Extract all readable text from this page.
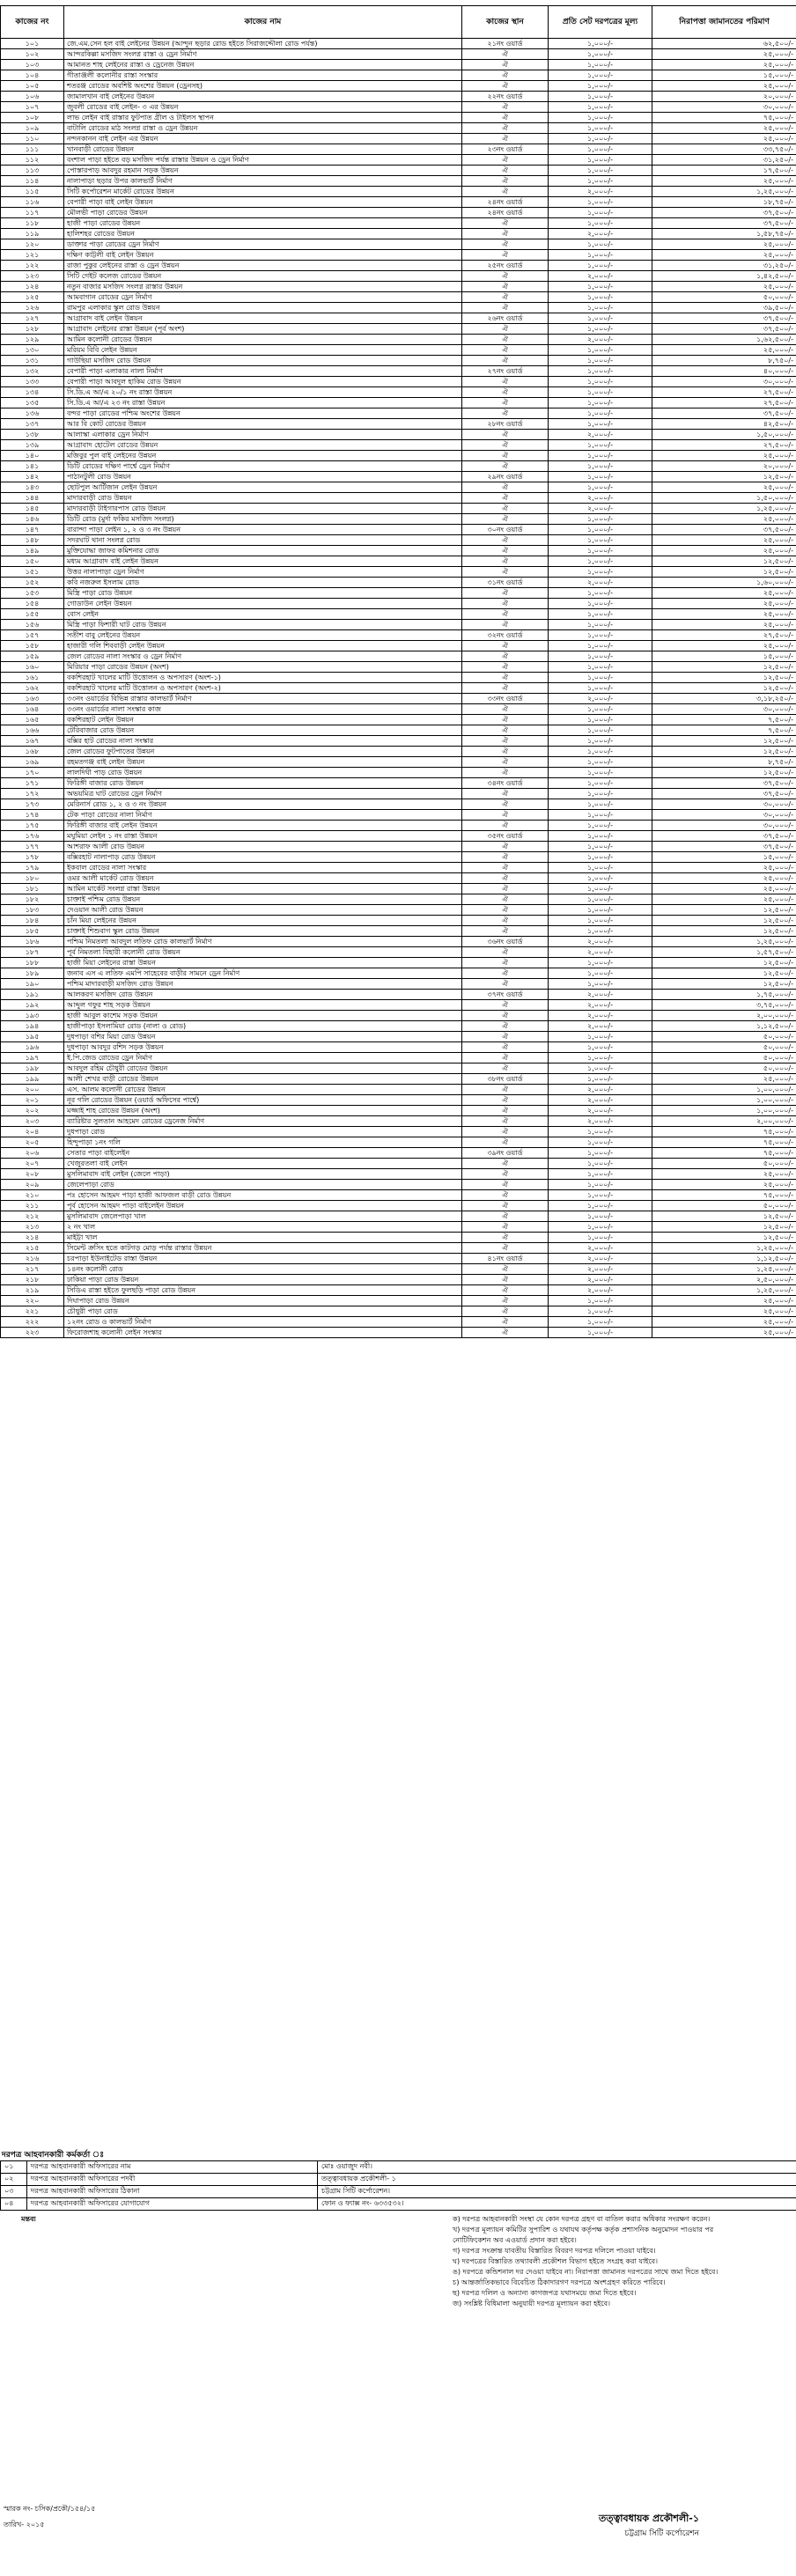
কাজের নং	কাজের নাম	কাজের স্থান	প্রতি সেট দরপত্রের মূল্য	নিরাপত্তা জামানতের পরিমাণ
১০১	জে.এম.সেন হল বাই লেইনের উন্নয়ন (আন্দুন ছড়ার রোড হইতে সিরাজদ্দৌলা রোড পর্যন্ত)	২১নং ওয়ার্ড	১,০০০/-	৬২,৫০০/-
১০২	আন্দরকিল্লা মসজিদ সংলগ্ন রাস্তা ও ড্রেন নির্মাণ	ঐ	১,০০০/-	২৫,০০০/-
১০৩	আমানত শাহ লেইনের রাস্তা ও ড্রেনেজ উন্নয়ন	ঐ	১,০০০/-	২৫,০০০/-
১০৪	গীতাঞ্জলী কলোনীর রাস্তা সংস্কার	ঐ	১,০০০/-	১৫,০০০/-
১০৫	শতরঞ্জ রোডের অবশিষ্ট অংশের উন্নয়ন (ড্রেনসহ)	ঐ	১,০০০/-	২৫,০০০/-
১০৬	জামালখান বাই লেইনের উন্নয়ন	২২নং ওয়ার্ড	১,০০০/-	২০,০০০/-
১০৭	জুবলী রোডের বাই লেইন- ৩ এর উন্নয়ন	ঐ	১,০০০/-	৩০,০০০/-
১০৮	লাভ লেইন বাই রাস্তার ফুটপাত গ্রীল ও টাইলস স্থাপন	ঐ	১,০০০/-	৭৫,০০০/-
১০৯	বাটালি রোডের মাঠ সংলগ্ন রাস্তা ও ড্রেন উন্নয়ন	ঐ	১,০০০/-	২৫,০০০/-
১১০	নন্দনকানন বাই লেইন এর উন্নয়ন	ঐ	১,০০০/-	২৫,০০০/-
১১১	খানবাড়ী রোডের উন্নয়ন	২৩নং ওয়ার্ড	১,০০০/-	৩৩,৭৫০/-
১১২	বংশাল পাড়া হইতে বড় মসজিদ পর্যন্ত রাস্তার উন্নয়ন ও ড্রেন নির্মাণ	ঐ	১,০০০/-	৩১,২৫০/-
১১৩	পোস্তারপাড় আবদুর রহমান সড়ক উন্নয়ন	ঐ	১,০০০/-	১৭,৫০০/-
১১৪	নালাপাড়া ছড়ার উপর কালভার্ট নির্মাণ	ঐ	১,০০০/-	২৫,০০০/-
১১৫	সিটি কর্পোরেশন মার্কেট রোডের উন্নয়ন	ঐ	২,০০০/-	১,২৫,০০০/-
১১৬	বেপারী পাড়া বাই লেইন উন্নয়ন	২৪নং ওয়ার্ড	১,০০০/-	১৮,৭৫০/-
১১৭	মৌলভী পাড়া রোডের উন্নয়ন	২৪নং ওয়ার্ড	১,০০০/-	৩৭,৫০০/-
১১৮	হাজী পাড়া রোডের উন্নয়ন	ঐ	১,০০০/-	৩৭,৫০০/-
১১৯	হালিশহর রোডের উন্নয়ন	ঐ	২,০০০/-	১,৫৮,৭৫০/-
১২০	ডাক্তার পাড়া রোডের ড্রেন নির্মাণ	ঐ	১,০০০/-	২৫,০০০/-
১২১	দক্ষিণ কাট্টলী বাই লেইন উন্নয়ন	ঐ	১,০০০/-	২৫,০০০/-
১২২	রাজা পুকুর লেইনের রাস্তা ও ড্রেন উন্নয়ন	২৫নং ওয়ার্ড	১,০০০/-	৩১,২৫০/-
১২৩	সিটি গেইট কলেজ রোডের উন্নয়ন	ঐ	২,০০০/-	১,৪২,৫০০/-
১২৪	নতুন বাজার মসজিদ সংলগ্ন রাস্তার উন্নয়ন	ঐ	১,০০০/-	২৫,০০০/-
১২৫	আমবাগান রোডের ড্রেন নির্মাণ	ঐ	১,০০০/-	৫০,০০০/-
১২৬	রামপুর এলাকার স্কুল রোড উন্নয়ন	ঐ	১,০০০/-	৩৯,৫০০/-
১২৭	আগ্রাবাদ বাই লেইন উন্নয়ন	২৬নং ওয়ার্ড	১,০০০/-	৩৭,৫০০/-
১২৮	আগ্রাবাদ লেইনের রাস্তা উন্নয়ন (পূর্ব অংশ)	ঐ	১,০০০/-	৩৭,৫০০/-
১২৯	আমিন কলোনী রোডের উন্নয়ন	ঐ	২,০০০/-	১,৬২,৫০০/-
১৩০	মরিয়ম বিবি লেইন উন্নয়ন	ঐ	১,০০০/-	২৫,০০০/-
১৩১	গাউছিয়া মসজিদ রোড উন্নয়ন	ঐ	১,০০০/-	৮,৭৫০/-
১৩২	বেপারী পাড়া এলাকার নালা নির্মাণ	২৭নং ওয়ার্ড	১,০০০/-	৪০,০০০/-
১৩৩	বেপারী পাড়া আবদুল হাকিম রোড উন্নয়ন	ঐ	১,০০০/-	৩০,০০০/-
১৩৪	সি.ডি.এ আ/এ ২০/১ নং রাস্তা উন্নয়ন	ঐ	১,০০০/-	২৭,৫০০/-
১৩৫	সি.ডি.এ আ/এ ২৩ নং রাস্তা উন্নয়ন	ঐ	১,০০০/-	২৭,৫০০/-
১৩৬	বন্দর পাড়া রোডের পশ্চিম অংশের উন্নয়ন	ঐ	১,০০০/-	৩৭,৫০০/-
১৩৭	আর বি কোট রোডের উন্নয়ন	২৮নং ওয়ার্ড	১,০০০/-	৪২,৫০০/-
১৩৮	আলাস্কা এলাকার ড্রেন নির্মাণ	ঐ	২,০০০/-	১,৫০,০০০/-
১৩৯	আগ্রাবাদ হোটেল রোডের উন্নয়ন	ঐ	১,০০০/-	২৭,৫০০/-
১৪০	মজিবুর পুল বাই লেইনের উন্নয়ন	ঐ	১,০০০/-	২৫,০০০/-
১৪১	ডিটি রোডের দক্ষিণ পার্শ্বে ড্রেন নির্মাণ	ঐ	১,০০০/-	২০,০০০/-
১৪২	পাঠানটুলী রোড উন্নয়ন	২৯নং ওয়ার্ড	১,০০০/-	১২,৫০০/-
১৪৩	ছোটপুল আর্টিজান লেইন উন্নয়ন	ঐ	১,০০০/-	২৫,০০০/-
১৪৪	মাদারবাড়ী রোড উন্নয়ন	ঐ	২,০০০/-	১,৫০,০০০/-
১৪৫	মাদারবাড়ী টাইগারপাস রোড উন্নয়ন	ঐ	২,০০০/-	১,২৫,০০০/-
১৪৬	ডিটি রোড (মুর্দা ফকির মসজিদ সংলগ্ন)	ঐ	১,০০০/-	২৫,০০০/-
১৪৭	বারান্দা পাড়া লেইন ১, ২ ও ৩ নং উন্নয়ন	৩০নং ওয়ার্ড	১,০০০/-	৩৭,৫০০/-
১৪৮	সদরঘাট থানা সংলগ্ন রোড	ঐ	১,০০০/-	২৫,০০০/-
১৪৯	মুক্তিযোদ্ধা জাফর কমিশনার রোড	ঐ	১,০০০/-	২৫,০০০/-
১৫০	মধ্যম আগ্রাবাদ বাই লেইন উন্নয়ন	ঐ	১,০০০/-	১২,৫০০/-
১৫১	উত্তর নালাপাড়া ড্রেন নির্মাণ	ঐ	১,০০০/-	১২,৫০০/-
১৫২	কবি নজরুল ইসলাম রোড	৩১নং ওয়ার্ড	২,০০০/-	১,৬০,০০০/-
১৫৩	মিস্ত্রি পাড়া রোড উন্নয়ন	ঐ	১,০০০/-	২৫,০০০/-
১৫৪	গোডাউন লেইন উন্নয়ন	ঐ	১,০০০/-	২৫,০০০/-
১৫৫	বোস লেইন	ঐ	১,০০০/-	২৫,০০০/-
১৫৬	মিস্ত্রি পাড়া ফিশারী ঘাট রোড উন্নয়ন	ঐ	১,০০০/-	২৫,০০০/-
১৫৭	সতীশ বাবু লেইনের উন্নয়ন	৩২নং ওয়ার্ড	১,০০০/-	২৭,৫০০/-
১৫৮	হাজারী গলি শিববাড়ী লেইন উন্নয়ন	ঐ	১,০০০/-	২৫,০০০/-
১৫৯	জেল রোডের নালা সংস্কার ও ড্রেন নির্মাণ	ঐ	১,০০০/-	১৫,০০০/-
১৬০	মিরিয়ার পাড়া রোডের উন্নয়ন (অংশ)	ঐ	১,০০০/-	১২,৫০০/-
১৬১	বকশিরহাট খালের মাটি উত্তোলন ও অপসারণ (অংশ-১)	ঐ	১,০০০/-	১২,৫০০/-
১৬২	বকশিরহাট খালের মাটি উত্তোলন ও অপসারণ (অংশ-২)	ঐ	১,০০০/-	১২,৫০০/-
১৬৩	৩৩নং ওয়ার্ডের বিভিন্ন রাস্তার কালভার্ট নির্মাণ	৩৩নং ওয়ার্ড	২,০০০/-	৩,১৮,২৫০/-
১৬৪	৩৩নং ওয়ার্ডের নালা সংস্কার কাজ	ঐ	১,০০০/-	৩০,০০০/-
১৬৫	বকশিরহাট লেইন উন্নয়ন	ঐ	১,০০০/-	৭,৫০০/-
১৬৬	টেরিবাজার রোড উন্নয়ন	ঐ	১,০০০/-	৭,৫০০/-
১৬৭	বক্সির হাট রোডের নালা সংস্কার	ঐ	১,০০০/-	১২,৫০০/-
১৬৮	জেল রোডের ফুটপাতের উন্নয়ন	ঐ	১,০০০/-	১২,৫০০/-
১৬৯	রহমতগঞ্জ বাই লেইন উন্নয়ন	ঐ	১,০০০/-	৮,৭৫০/-
১৭০	লালদিঘী পাড় রোড উন্নয়ন	ঐ	১,০০০/-	১২,৫০০/-
১৭১	ফিরিঙ্গী বাজার রোড উন্নয়ন	৩৪নং ওয়ার্ড	১,০০০/-	৩৭,৫০০/-
১৭২	অভয়মিত্র ঘাট রোডের ড্রেন নির্মাণ	ঐ	১,০০০/-	৩৭,৫০০/-
১৭৩	মেরিনার্স রোড ১, ২ ও ৩ নং উন্নয়ন	ঐ	১,০০০/-	৩০,০০০/-
১৭৪	টেক পাড়া রোডের নালা নির্মাণ	ঐ	১,০০০/-	৩০,০০০/-
১৭৫	ফিরিঙ্গী বাজার বাই লেইন উন্নয়ন	ঐ	১,০০০/-	৩০,০০০/-
১৭৬	মঘুমিয়া লেইন ১ নং রাস্তা উন্নয়ন	৩৫নং ওয়ার্ড	১,০০০/-	৩৭,৫০০/-
১৭৭	আশরাফ আলী রোড উন্নয়ন	ঐ	১,০০০/-	৩৭,৫০০/-
১৭৮	বক্সিরহাট নালাপাড় রোড উন্নয়ন	ঐ	১,০০০/-	১৫,০০০/-
১৭৯	ইকবাল রোডের নালা সংস্কার	ঐ	১,০০০/-	২৫,০০০/-
১৮০	ওমর আলী মার্কেট রোড উন্নয়ন	ঐ	১,০০০/-	২৫,০০০/-
১৮১	আমিন মার্কেট সংলগ্ন রাস্তা উন্নয়ন	ঐ	১,০০০/-	২৫,০০০/-
১৮২	চাক্তাই পশ্চিম রোড উন্নয়ন	ঐ	১,০০০/-	২৫,০০০/-
১৮৩	দেওয়ান আলী রোড উন্নয়ন	ঐ	১,০০০/-	১২,৫০০/-
১৮৪	চাঁন মিয়া লেইনের উন্নয়ন	ঐ	১,০০০/-	১২,৫০০/-
১৮৫	চাক্তাই শিশুবাগ স্কুল রোড উন্নয়ন	ঐ	১,০০০/-	১২,৫০০/-
১৮৬	পশ্চিম নিমতলা আবদুল লতিফ রোড কালভার্ট নির্মাণ	৩৬নং ওয়ার্ড	২,০০০/-	১,২৫,০০০/-
১৮৭	পূর্ব নিমতলা বিহারী কলোনী রোড উন্নয়ন	ঐ	২,০০০/-	১,৫৭,৫০০/-
১৮৮	হাজী মিয়া লেইনের রাস্তা উন্নয়ন	ঐ	১,০০০/-	১২,৫০০/-
১৮৯	জনাব এস এ লতিফ এমপি সাহেবের বাড়ীর সামনে ড্রেন নির্মাণ	ঐ	১,০০০/-	১২,৫০০/-
১৯০	পশ্চিম মাদারবাড়ী মসজিদ রোড উন্নয়ন	ঐ	১,০০০/-	১২,৫০০/-
১৯১	আলকরণ মসজিদ রোড উন্নয়ন	৩৭নং ওয়ার্ড	২,০০০/-	১,৭৫,০০০/-
১৯২	আব্দুল গফুর শাহ সড়ক উন্নয়ন	ঐ	২,০০০/-	৩,৭৫,০০০/-
১৯৩	হাজী আবুল কাশেম সড়ক উন্নয়ন	ঐ	২,০০০/-	২,০০,০০০/-
১৯৪	হাজীপাড়া ইসলামিয়া রোড (নালা ও রোড)	ঐ	২,০০০/-	১,১২,৫০০/-
১৯৫	দুধপাড়া বশির মিয়া রোড উন্নয়ন	ঐ	১,০০০/-	৫০,০০০/-
১৯৬	দুধপাড়া আবদুর রশিদ সড়ক উন্নয়ন	ঐ	১,০০০/-	৫০,০০০/-
১৯৭	ই.পি.জেড রোডের ড্রেন নির্মাণ	ঐ	১,০০০/-	৫০,০০০/-
১৯৮	আবদুল রহিম চৌধুরী রোডের উন্নয়ন	ঐ	১,০০০/-	৫০,০০০/-
১৯৯	আলী শেখর বাড়ী রোডের উন্নয়ন	৩৮নং ওয়ার্ড	১,০০০/-	২৫,০০০/-
২০০	এস. আলম কলোনী রোডের উন্নয়ন	ঐ	২,০০০/-	১,০০,০০০/-
২০১	নূর গলি রোডের উন্নয়ন (ওয়ার্ড অফিসের পার্শ্বে)	ঐ	২,০০০/-	১,০০,০০০/-
২০২	মজ্জাই শাহ রোডের উন্নয়ন (অংশ)	ঐ	২,০০০/-	১,০০,০০০/-
২০৩	ব্যারিষ্টার সুলতান আহমেদ রোডের ড্রেনেজ নির্মাণ	ঐ	২,০০০/-	২,০০,০০০/-
২০৪	দুধপাড়া রোড	ঐ	১,০০০/-	৭৫,০০০/-
২০৫	হিন্দুপাড়া ১নং গলি	ঐ	১,০০০/-	৭৫,০০০/-
২০৬	সেতার পাড়া বাইলেইন	৩৯নং ওয়ার্ড	১,০০০/-	৭৫,০০০/-
২০৭	খেজুরতলা বাই লেইন	ঐ	১,০০০/-	৫০,০০০/-
২০৮	মুসলিমাবাদ বাই লেইন (জেলে পাড়া)	ঐ	১,০০০/-	২৫,০০০/-
২০৯	জেলেপাড়া রোড	ঐ	১,০০০/-	২৫,০০০/-
২১০	পঃ হোসেন আহমদ পাড়া হাজী আফজল বাড়ী রোড উন্নয়ন	ঐ	১,০০০/-	৭৫,০০০/-
২১১	পূর্ব হোসেন আহমদ পাড়া বাইলেইন উন্নয়ন	ঐ	১,০০০/-	৫০,০০০/-
২১২	মুসলিমাবাদ জেলেপাড়া খাল	ঐ	১,০০০/-	১২,৫০০/-
২১৩	২ নং খাল	ঐ	১,০০০/-	১২,৫০০/-
২১৪	মাইট্টা খাল	ঐ	১,০০০/-	১২,৫০০/-
২১৫	সিমেন্ট ক্রসিং হতে কাটগড় মোড় পর্যন্ত রাস্তার উন্নয়ন	ঐ	২,০০০/-	১,২৫,০০০/-
২১৬	চরপাড়া ইউনাইটেড রাস্তা উন্নয়ন	৪১নং ওয়ার্ড	২,০০০/-	১,১২,৫০০/-
২১৭	১৪নং কলোনী রোড	ঐ	২,০০০/-	১,২৫,০০০/-
২১৮	ঢাকিয়া পাড়া রোড উন্নয়ন	ঐ	২,০০০/-	২,৫০,০০০/-
২১৯	সিডিএ রাস্তা হইতে ফুলছড়ি পাড়া রোড উন্নয়ন	ঐ	২,০০০/-	১,২৫,০০০/-
২২০	দিঘাপাড়া রোড উন্নয়ন	ঐ	১,০০০/-	২৫,০০০/-
২২১	চৌধুরী পাড়া রোড	ঐ	১,০০০/-	২৫,০০০/-
২২২	১২নং রোড ও কালভার্ট নির্মাণ	ঐ	১,০০০/-	২৫,০০০/-
২২৩	ফিরোজশাহ কলোনী লেইন সংস্কার	ঐ	১,০০০/-	২৫,০০০/-
দরপত্র আহবানকারী কর্মকর্তা ঃ
০১	দরপত্র আহবানকারী অফিসারের নাম	মোঃ ওয়াজুদ নবী।
০২	দরপত্র আহবানকারী অফিসারের পদবী	তত্ত্বাবধায়ক প্রকৌশলী- ১
০৩	দরপত্র আহবানকারী অফিসারের ঠিকানা	চট্টগ্রাম সিটি কর্পোরেশন।
০৪	দরপত্র আহবানকারী অফিসারের যোগাযোগ	ফোন ও ফ্যাক্স নং- ৬৩৩৫৩২।
মন্তব্য	ক) দরপত্র আহবানকারী সংস্থা যে কোন দরপত্র গ্রহণ বা বাতিল করার অধিকার সংরক্ষণ করেন।
খ) দরপত্র মূল্যায়ন কমিটির সুপারিশ ও যথাযথ কর্তৃপক্ষ কর্তৃক প্রশাসনিক অনুমোদন পাওয়ার পর
নোটিফিকেশন অব এওয়ার্ড প্রদান করা হইবে।
গ) দরপত্র সংক্রান্ত যাবতীয় বিস্তারিত বিবরণ দরপত্র দলিলে পাওয়া যাইবে।
ঘ) দরপত্রের বিস্তারিত তথ্যাবলী প্রকৌশল বিভাগ হইতে সংগ্রহ করা যাইবে।
ঙ) দরপত্রে কন্ডিশনাল দর দেওয়া যাইবে না। নিরাপত্তা জামানত দরপত্রের সাথে জমা দিতে হইবে।
চ) আন্তর্জাতিকভাবে বিবেচিত ঠিকাদারগণ দরপত্রে অংশগ্রহণ করিতে পারিবে।
ছ) দরপত্র দলিল ও অন্যান্য কাগজপত্র যথাসময়ে জমা দিতে হইবে।
জ) সংশ্লিষ্ট বিধিমালা অনুযায়ী দরপত্র মূল্যায়ন করা হইবে।
স্মারক নং- চসিক/প্রকৌ/১৫৪/১৫
তারিখ- ২০১৫
তত্ত্বাবধায়ক প্রকৌশলী-১
চট্টগ্রাম সিটি কর্পোরেশন
